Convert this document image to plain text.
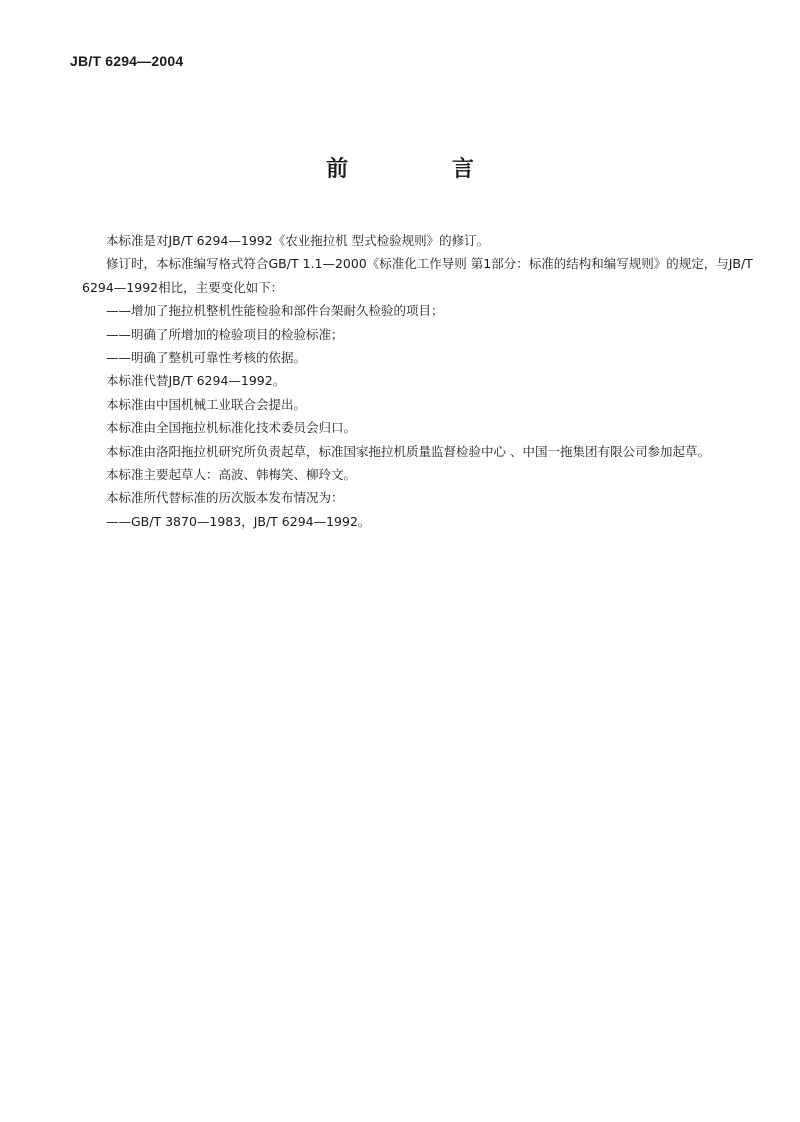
JB/T 6294—2004
前 言

本标准是对JB/T 6294—1992《农业拖拉机 型式检验规则》的修订。

修订时，本标准编写格式符合GB/T 1.1—2000《标准化工作导则 第1部分：标准的结构和编写规则》的规定，与JB/T 6294—1992相比，主要变化如下：

——增加了拖拉机整机性能检验和部件台架耐久检验的项目；

——明确了所增加的检验项目的检验标准；

——明确了整机可靠性考核的依据。

本标准代替JB/T 6294—1992。

本标准由中国机械工业联合会提出。

本标准由全国拖拉机标准化技术委员会归口。

本标准由洛阳拖拉机研究所负责起草，标准国家拖拉机质量监督检验中心 、中国一拖集团有限公司参加起草。

本标准主要起草人：高波、韩梅笑、柳玲文。

本标准所代替标准的历次版本发布情况为：

——GB/T 3870—1983，JB/T 6294—1992。
